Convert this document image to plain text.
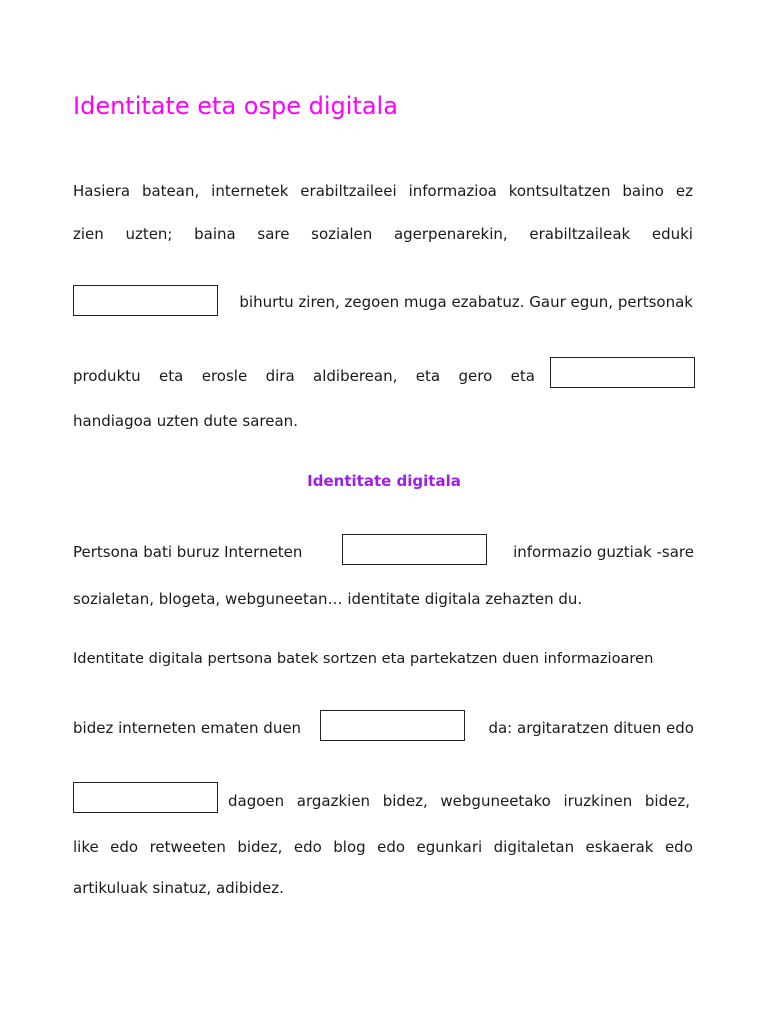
Identitate eta ospe digitala
Hasiera batean, internetek erabiltzaileei informazioa kontsultatzen baino ez
zien uzten; baina sare sozialen agerpenarekin, erabiltzaileak eduki
bihurtu ziren, zegoen muga ezabatuz. Gaur egun, pertsonak
produktu eta erosle dira aldiberean, eta gero eta
handiagoa uzten dute sarean.
Identitate digitala
Pertsona bati buruz Interneten	informazio guztiak -sare
sozialetan, blogeta, webguneetan… identitate digitala zehazten du.
Identitate digitala pertsona batek sortzen eta partekatzen duen informazioaren
bidez interneten ematen duen	da: argitaratzen dituen edo
dagoen argazkien bidez, webguneetako iruzkinen bidez,
like edo retweeten bidez, edo blog edo egunkari digitaletan eskaerak edo
artikuluak sinatuz, adibidez.
